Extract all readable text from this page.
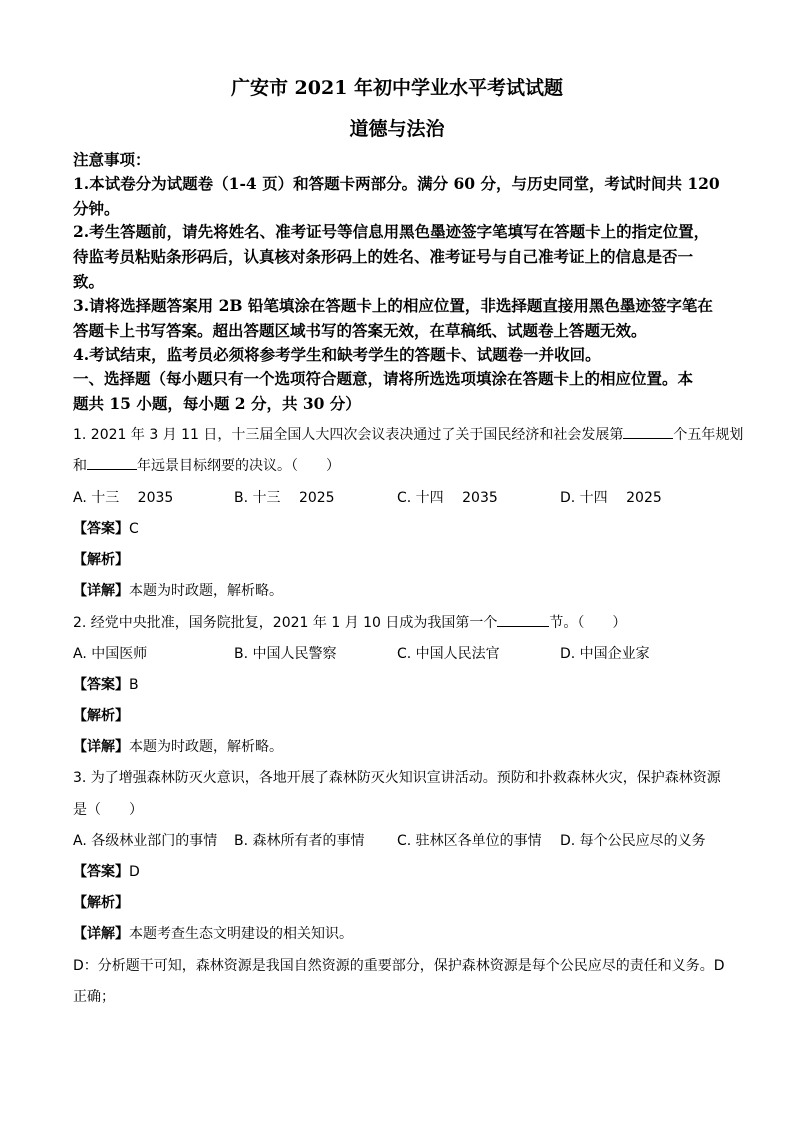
广安市 2021 年初中学业水平考试试题
道德与法治
注意事项：
1.本试卷分为试题卷（1-4 页）和答题卡两部分。满分 60 分，与历史同堂，考试时间共 120
分钟。
2.考生答题前，请先将姓名、准考证号等信息用黑色墨迹签字笔填写在答题卡上的指定位置，
待监考员粘贴条形码后，认真核对条形码上的姓名、准考证号与自己准考证上的信息是否一
致。
3.请将选择题答案用 2B 铅笔填涂在答题卡上的相应位置，非选择题直接用黑色墨迹签字笔在
答题卡上书写答案。超出答题区域书写的答案无效，在草稿纸、试题卷上答题无效。
4.考试结束，监考员必须将参考学生和缺考学生的答题卡、试题卷一并收回。
一、选择题（每小题只有一个选项符合题意，请将所选选项填涂在答题卡上的相应位置。本
题共 15 小题，每小题 2 分，共 30 分）
1. 2021 年 3 月 11 日，十三届全国人大四次会议表决通过了关于国民经济和社会发展第	个五年规划
和	年远景目标纲要的决议。（　　）
A. 十三　 2035	B. 十三　 2025	C. 十四　 2035	D. 十四　 2025
【答案】C
【解析】
【详解】本题为时政题，解析略。
2. 经党中央批准，国务院批复，2021 年 1 月 10 日成为我国第一个	节。（　　）
A. 中国医师	B. 中国人民警察	C. 中国人民法官	D. 中国企业家
【答案】B
【解析】
【详解】本题为时政题，解析略。
3. 为了增强森林防灭火意识，各地开展了森林防灭火知识宣讲活动。预防和扑救森林火灾，保护森林资源
是（　　）
A. 各级林业部门的事情 B. 森林所有者的事情 C. 驻林区各单位的事情 D. 每个公民应尽的义务
【答案】D
【解析】
【详解】本题考查生态文明建设的相关知识。
D：分析题干可知，森林资源是我国自然资源的重要部分，保护森林资源是每个公民应尽的责任和义务。D
正确；
